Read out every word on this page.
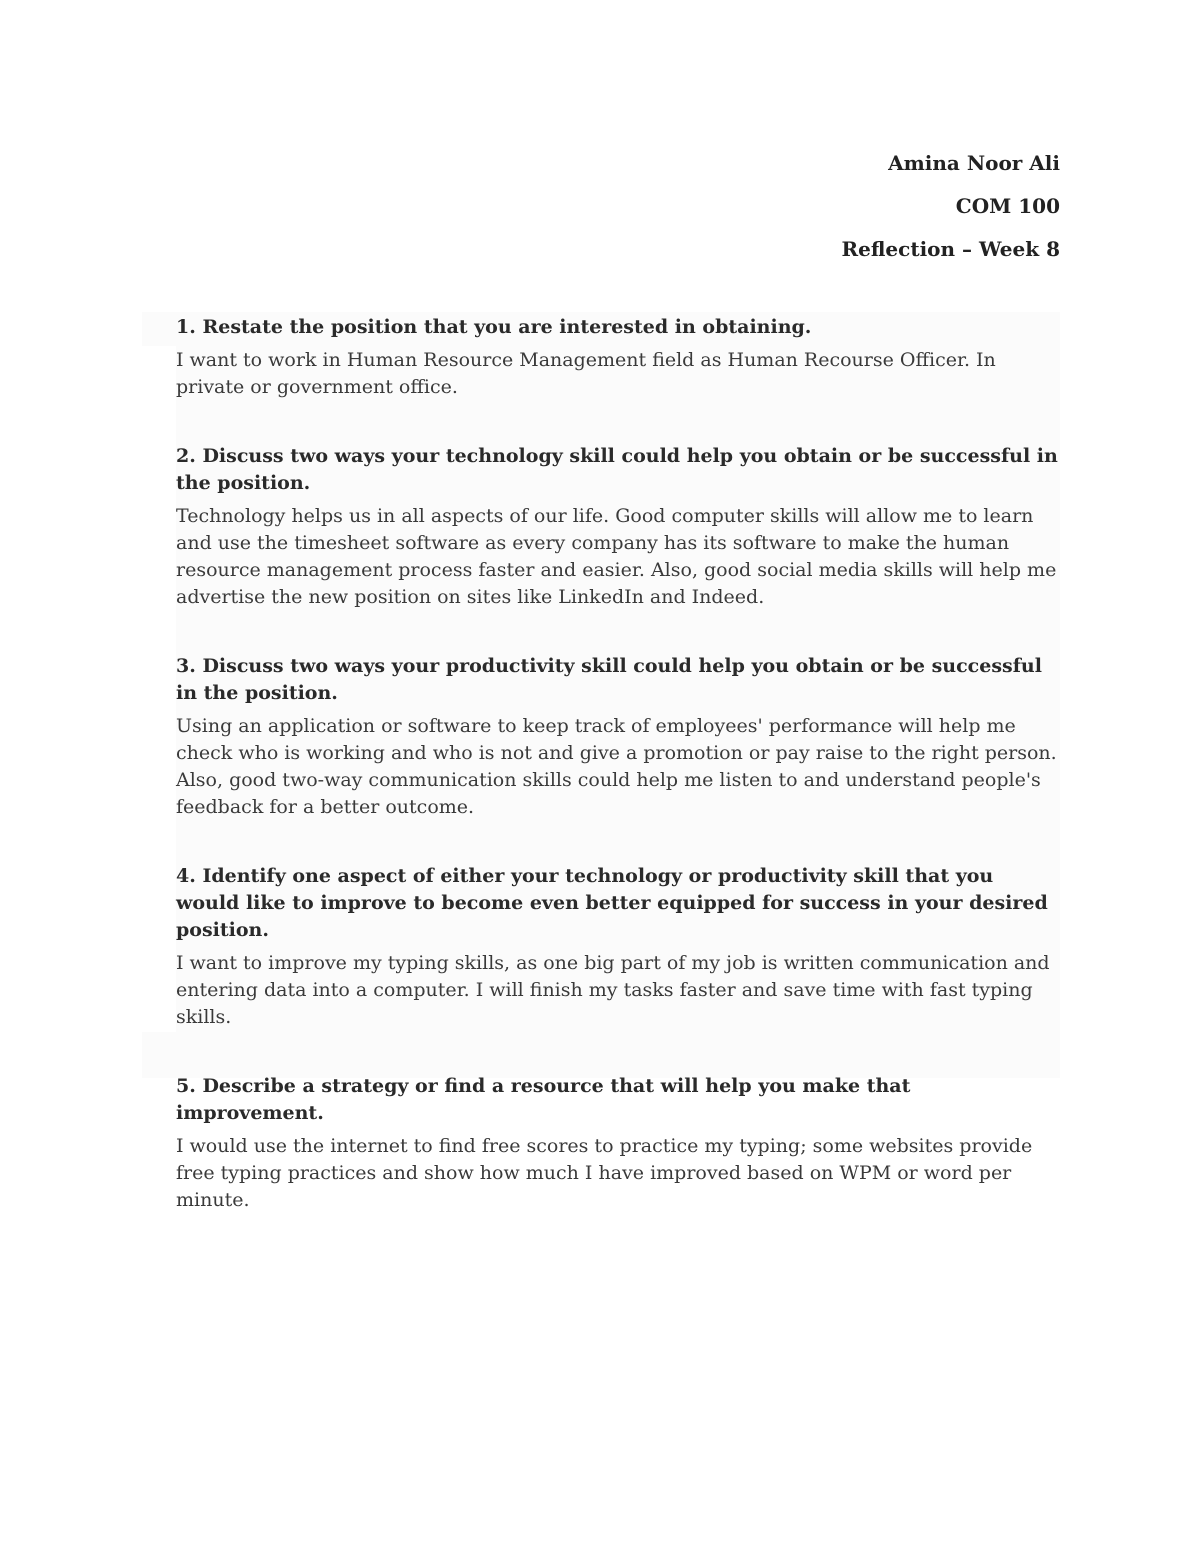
Amina Noor Ali
COM 100
Reflection – Week 8

1. Restate the position that you are interested in obtaining.

I want to work in Human Resource Management field as Human Recourse Officer. In private or government office.

2. Discuss two ways your technology skill could help you obtain or be successful in the position.

Technology helps us in all aspects of our life. Good computer skills will allow me to learn and use the timesheet software as every company has its software to make the human resource management process faster and easier. Also, good social media skills will help me advertise the new position on sites like LinkedIn and Indeed.

3. Discuss two ways your productivity skill could help you obtain or be successful in the position.

Using an application or software to keep track of employees' performance will help me check who is working and who is not and give a promotion or pay raise to the right person. Also, good two-way communication skills could help me listen to and understand people's feedback for a better outcome.

4. Identify one aspect of either your technology or productivity skill that you would like to improve to become even better equipped for success in your desired position.

I want to improve my typing skills, as one big part of my job is written communication and entering data into a computer. I will finish my tasks faster and save time with fast typing skills.

5. Describe a strategy or find a resource that will help you make that improvement.

I would use the internet to find free scores to practice my typing; some websites provide free typing practices and show how much I have improved based on WPM or word per minute.
